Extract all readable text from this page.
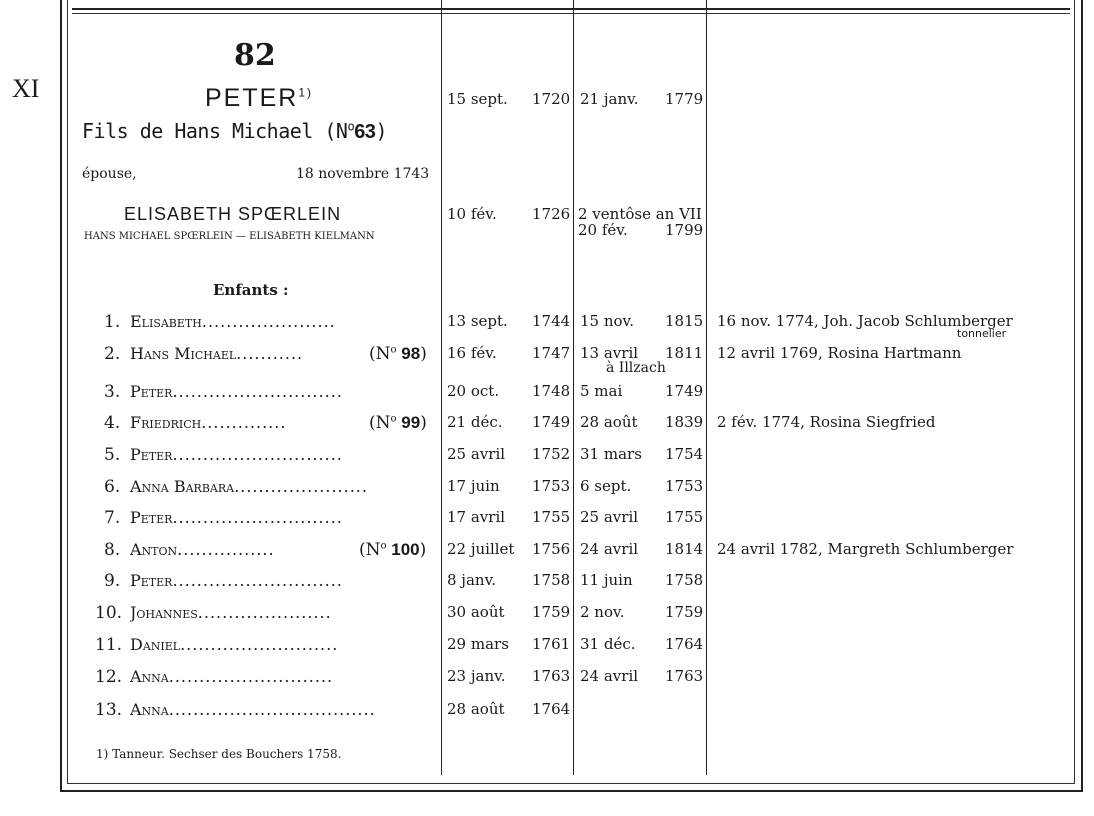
XI
82
PETER$^{1)}$
Fils de Hans Michael $(N^o63)$
15 sept. 1720 21 janv. 1779
épouse,	18 novembre 1743
ELISABETH SPŒRLEIN
HANS MICHAEL SPŒRLEIN — ELISABETH KIELMANN
10 fév. 1726 2 ventôse an VII
20 fév. 1799
Enfants :
1. Elisabeth......................	13 sept. 1744 15 nov. 1815 16 nov. 1774, Joh. Jacob Schlumberger
tonnelier
2. Hans Michael...........	($N^o$ 98) 16 fév. 1747 13 avril 1811
à Illzach
12 avril 1769, Rosina Hartmann
3. Peter............................	20 oct. 1748 5 mai	1749
4. Friedrich..............	($N^o$ 99) 21 déc. 1749 28 août 1839 2 fév. 1774, Rosina Siegfried
5. Peter............................	25 avril 1752 31 mars 1754
6. Anna Barbara......................	17 juin 1753 6 sept. 1753
7. Peter............................	17 avril 1755 25 avril 1755
8. Anton................	($N^o$ 100) 22 juillet 1756 24 avril 1814 24 avril 1782, Margreth Schlumberger
9. Peter............................	8 janv. 1758 11 juin 1758
10. Johannes......................	30 août 1759 2 nov.	1759
11. Daniel..........................	29 mars 1761 31 déc. 1764
12. Anna...........................	23 janv. 1763 24 avril 1763
13. Anna..................................	28 août 1764
1) Tanneur. Sechser des Bouchers 1758.
